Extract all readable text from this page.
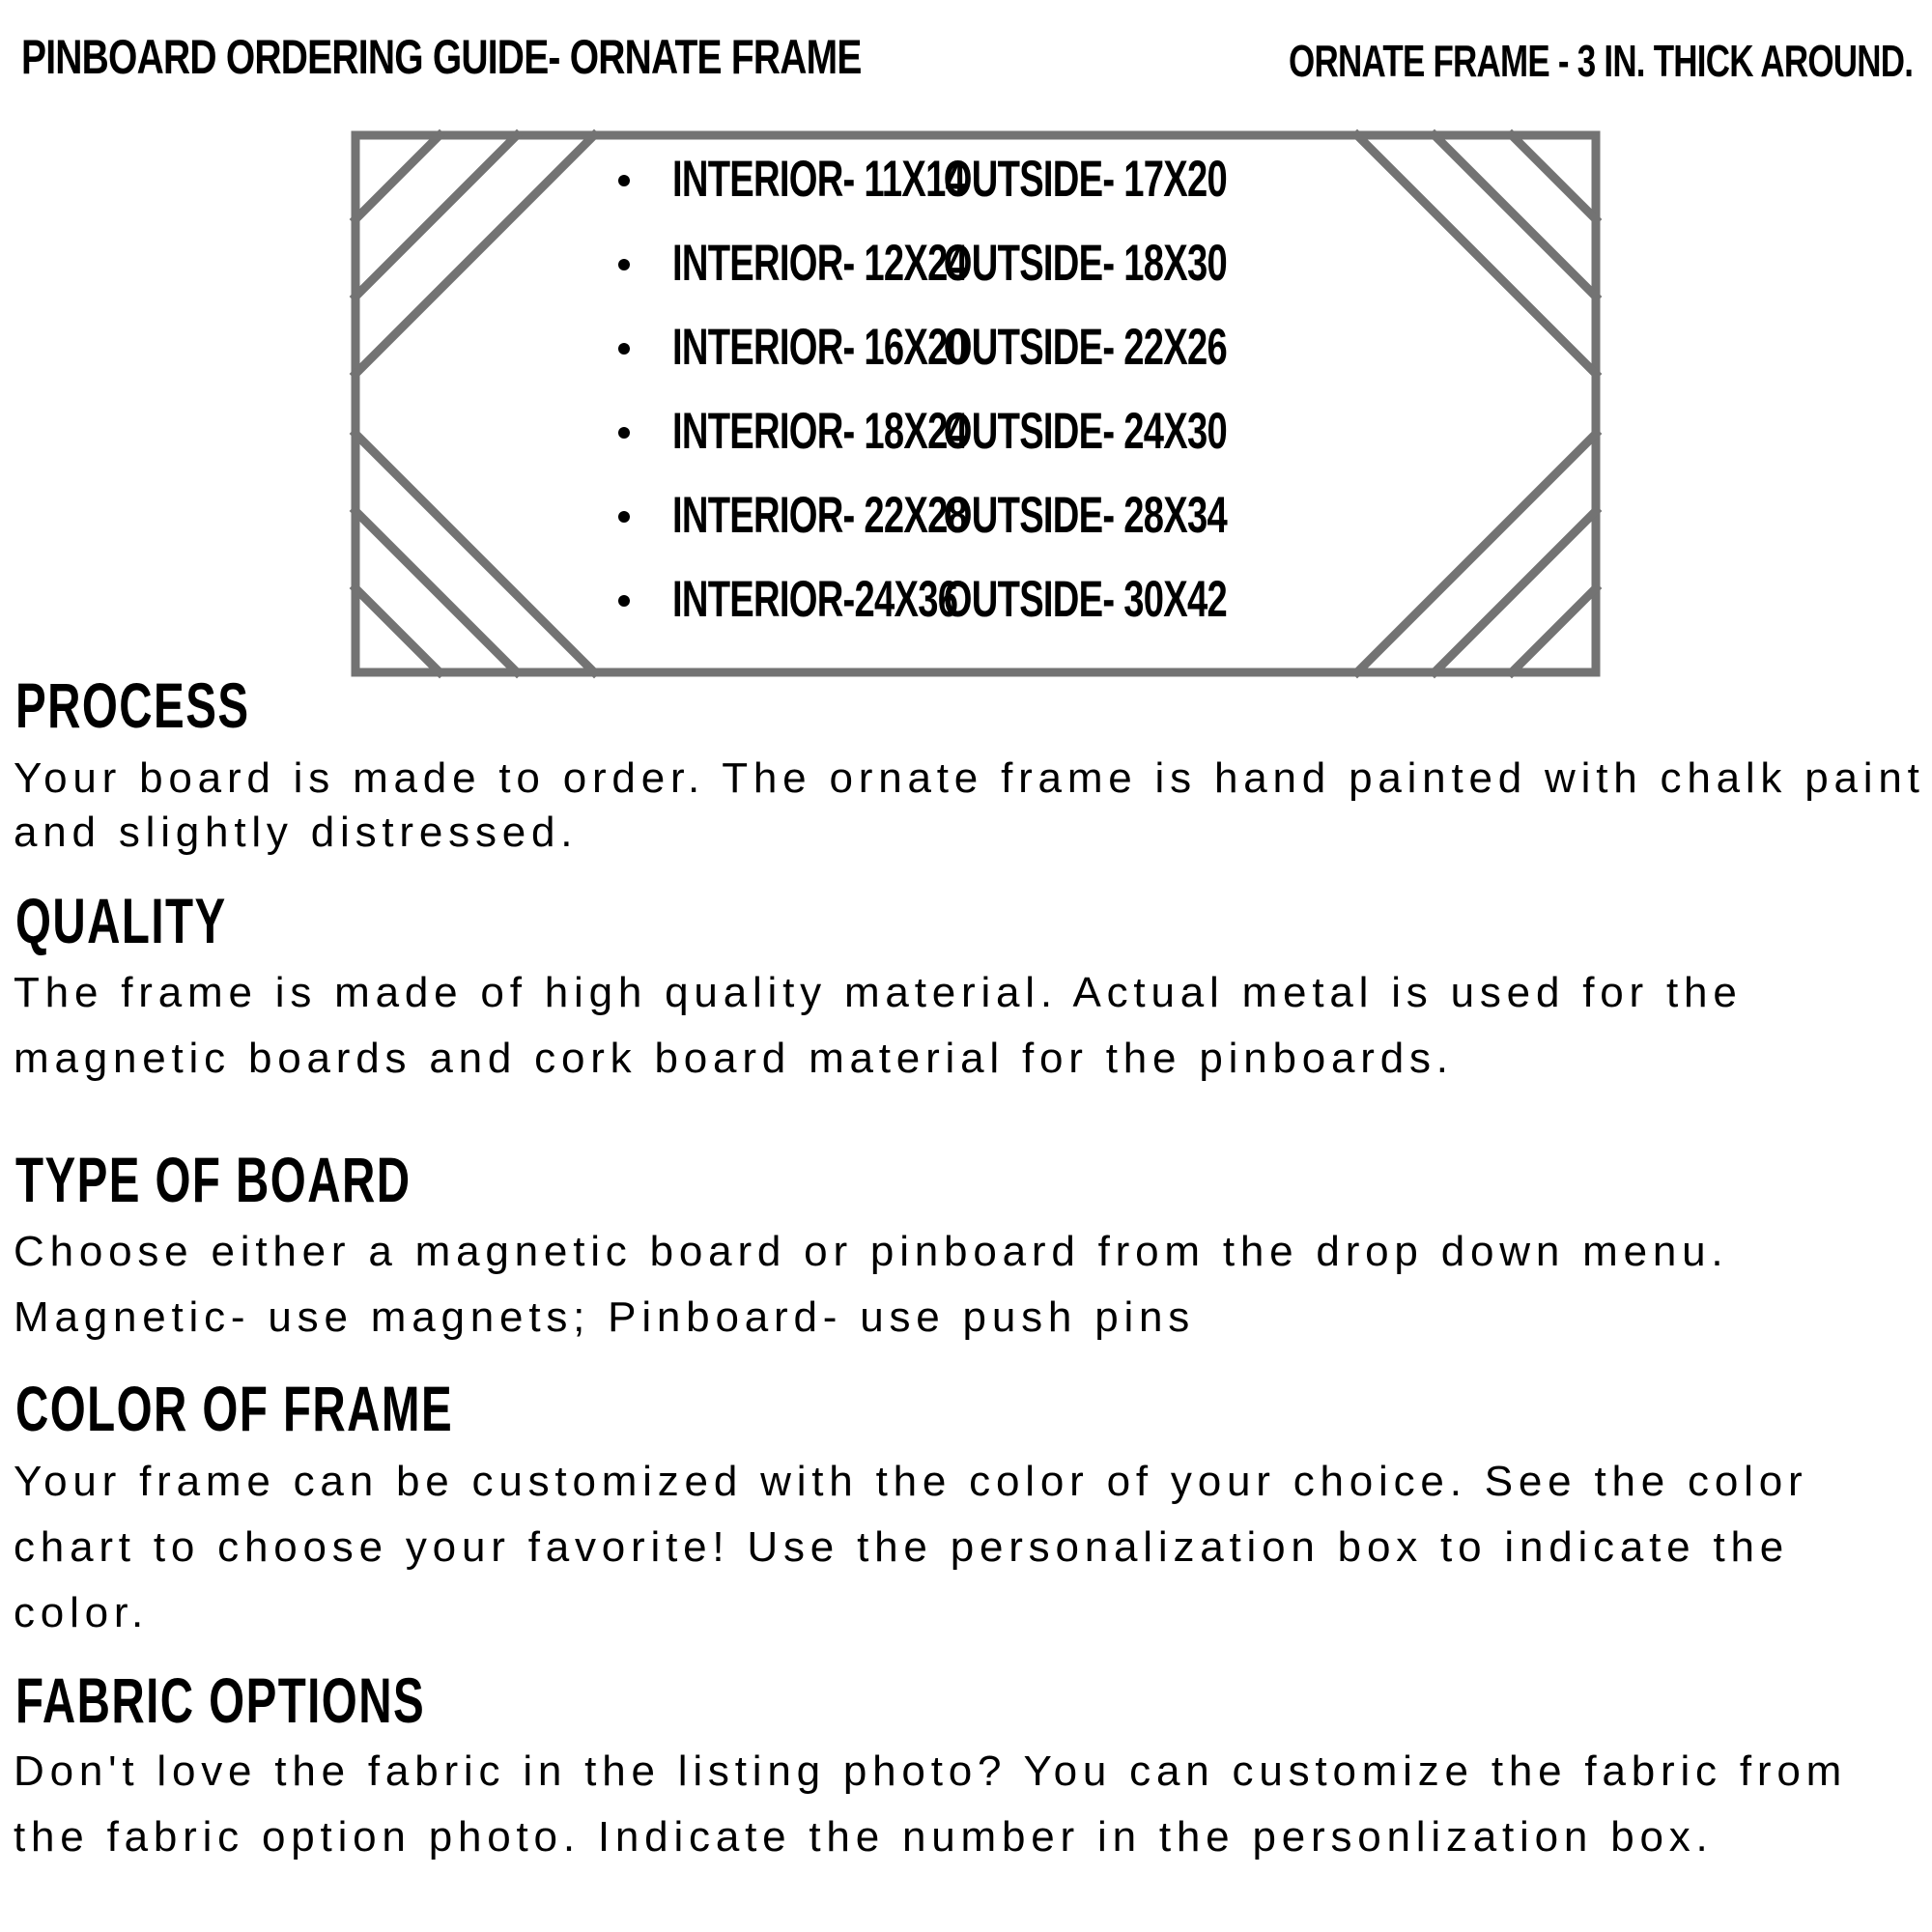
PINBOARD ORDERING GUIDE- ORNATE FRAME	ORNATE FRAME - 3 IN. THICK AROUND.
INTERIOR- 11X14OUTSIDE- 17X20
INTERIOR- 12X24OUTSIDE- 18X30
INTERIOR- 16X20OUTSIDE- 22X26
INTERIOR- 18X24OUTSIDE- 24X30
INTERIOR- 22X28OUTSIDE- 28X34
INTERIOR-24X36OUTSIDE- 30X42
PROCESS

Your board is made to order. The ornate frame is hand painted with chalk paint and slightly distressed.

QUALITY

The frame is made of high quality material. Actual metal is used for the magnetic boards and cork board material for the pinboards.

TYPE OF BOARD

Choose either a magnetic board or pinboard from the drop down menu. Magnetic- use magnets; Pinboard- use push pins

COLOR OF FRAME

Your frame can be customized with the color of your choice. See the color chart to choose your favorite! Use the personalization box to indicate the color.

FABRIC OPTIONS

Don't love the fabric in the listing photo? You can customize the fabric from the fabric option photo. Indicate the number in the personlization box.
